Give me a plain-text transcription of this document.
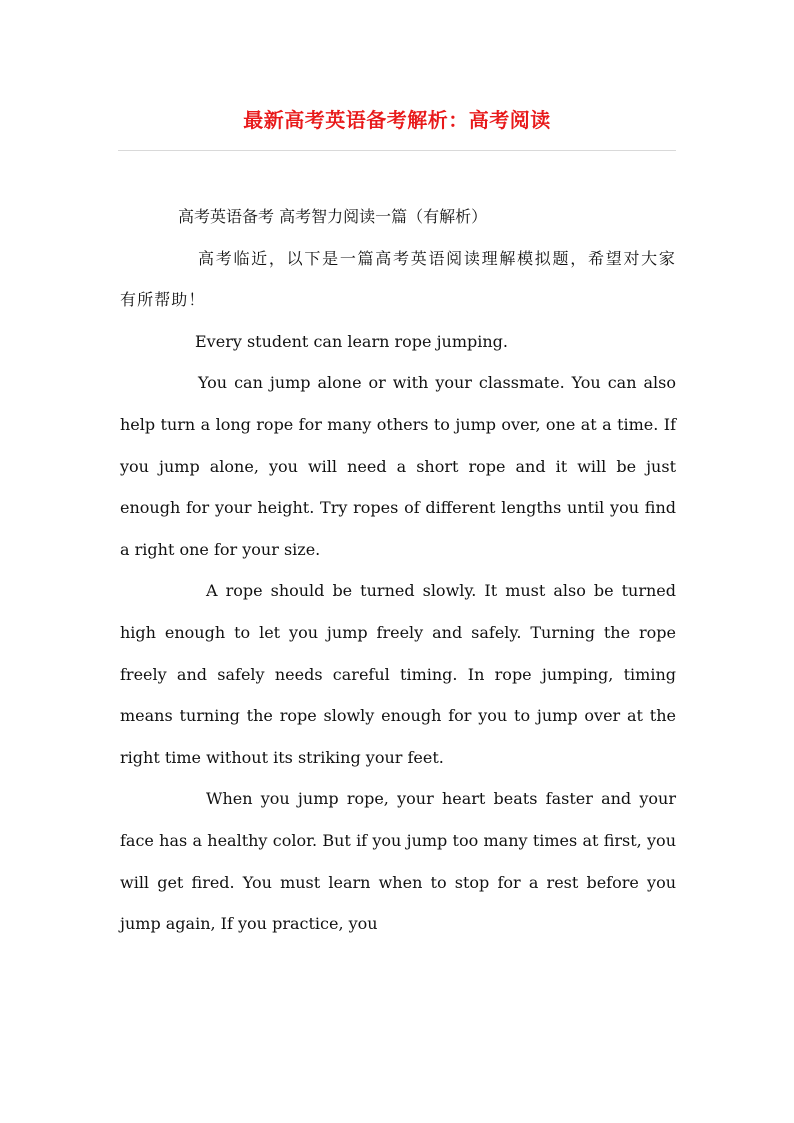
最新高考英语备考解析：高考阅读

高考英语备考 高考智力阅读一篇（有解析）

高考临近，以下是一篇高考英语阅读理解模拟题，希望对大家有所帮助！

Every student can learn rope jumping.

You can jump alone or with your classmate. You can also help turn a long rope for many others to jump over, one at a time. If you jump alone, you will need a short rope and it will be just enough for your height. Try ropes of different lengths until you find a right one for your size.

A rope should be turned slowly. It must also be turned high enough to let you jump freely and safely. Turning the rope freely and safely needs careful timing. In rope jumping, timing means turning the rope slowly enough for you to jump over at the right time without its striking your feet.

When you jump rope, your heart beats faster and your face has a healthy color. But if you jump too many times at first, you will get fired. You must learn when to stop for a rest before you jump again, If you practice, you
